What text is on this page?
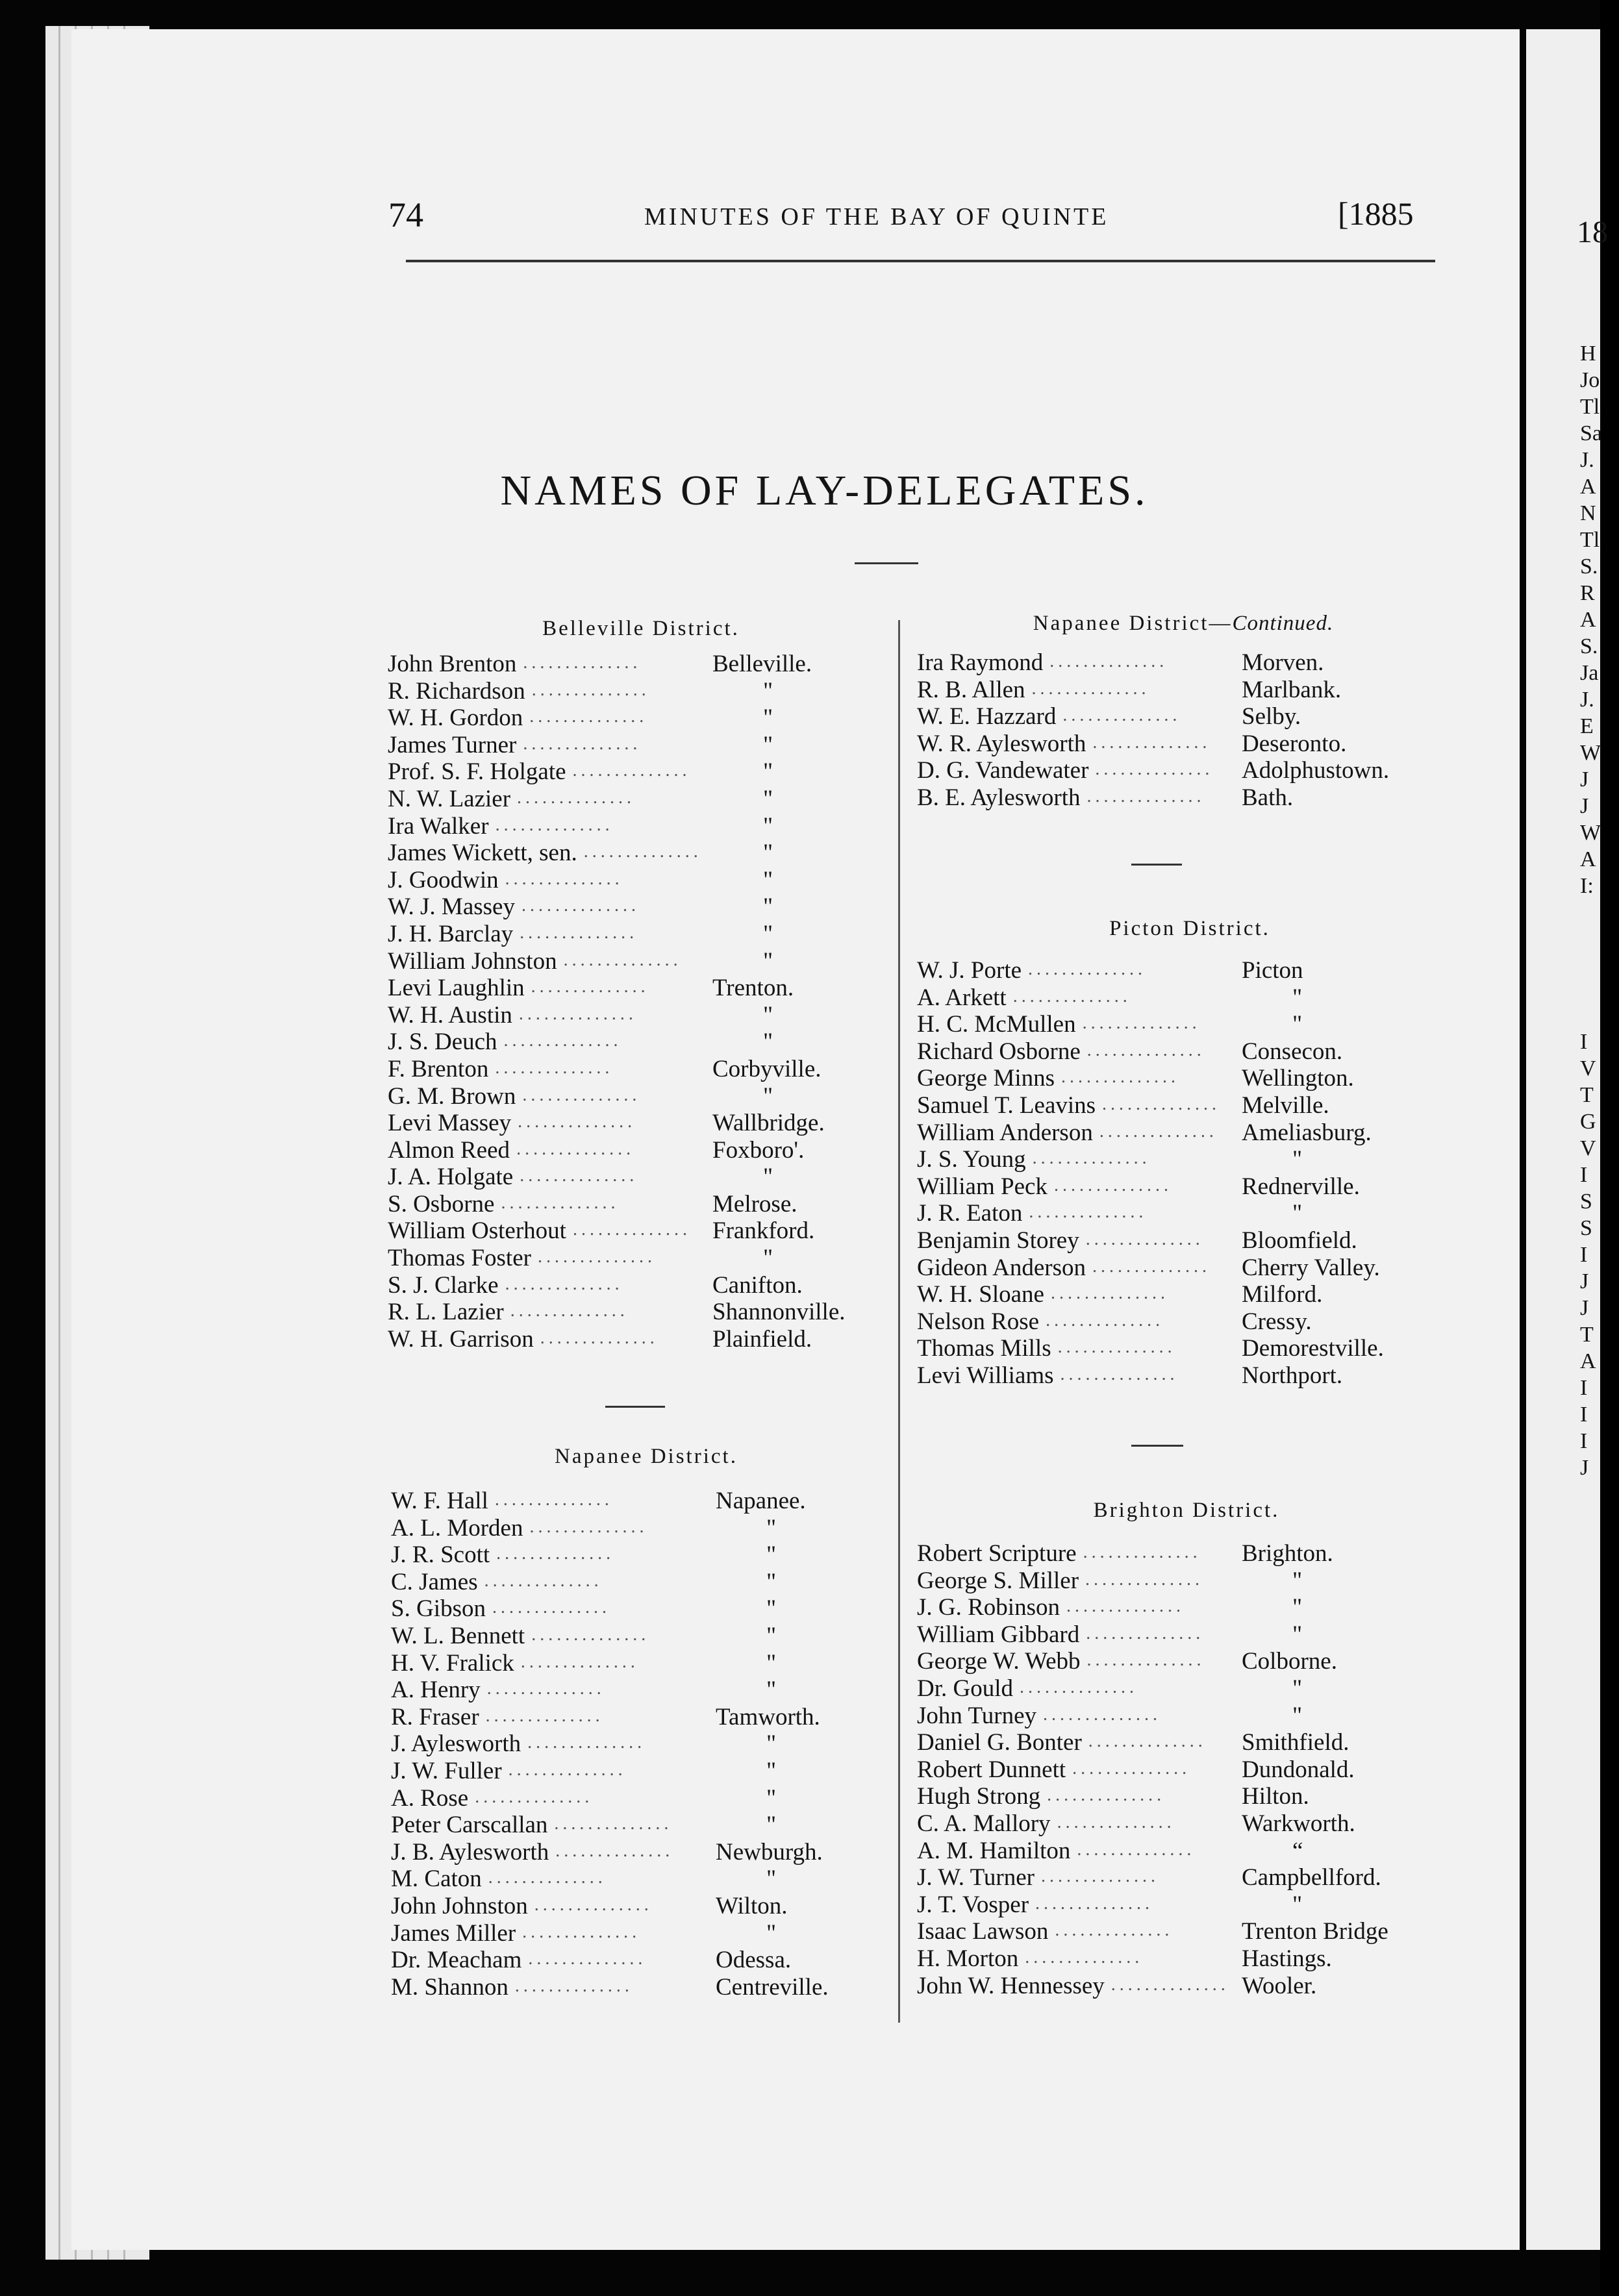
18
H
Jo
Tl
Sa
J.
A
N
Tl
S.
R
A
S.
Ja
J.
E
W
J
J
W
A
I:
I
V
T
G
V
I
S
S
I
J
J
T
A
I
I
I
J
74	MINUTES OF THE BAY OF QUINTE	[1885
NAMES OF LAY-DELEGATES.
Belleville District.
John Brenton ..............	Belleville.
R. Richardson ..............	"
W. H. Gordon ..............	"
James Turner ..............	"
Prof. S. F. Holgate ..............	"
N. W. Lazier ..............	"
Ira Walker ..............	"
James Wickett, sen. ..............	"
J. Goodwin ..............	"
W. J. Massey ..............	"
J. H. Barclay ..............	"
William Johnston ..............	"
Levi Laughlin ..............	Trenton.
W. H. Austin ..............	"
J. S. Deuch ..............	"
F. Brenton ..............	Corbyville.
G. M. Brown ..............	"
Levi Massey ..............	Wallbridge.
Almon Reed ..............	Foxboro'.
J. A. Holgate ..............	"
S. Osborne ..............	Melrose.
William Osterhout .............. Frankford.
Thomas Foster ..............	"
S. J. Clarke ..............	Canifton.
R. L. Lazier ..............	Shannonville.
W. H. Garrison ..............	Plainfield.
Napanee District.
W. F. Hall ..............	Napanee.
A. L. Morden ..............	"
J. R. Scott ..............	"
C. James ..............	"
S. Gibson ..............	"
W. L. Bennett ..............	"
H. V. Fralick ..............	"
A. Henry ..............	"
R. Fraser ..............	Tamworth.
J. Aylesworth ..............	"
J. W. Fuller ..............	"
A. Rose ..............	"
Peter Carscallan ..............	"
J. B. Aylesworth ..............	Newburgh.
M. Caton ..............	"
John Johnston ..............	Wilton.
James Miller ..............	"
Dr. Meacham ..............	Odessa.
M. Shannon ..............	Centreville.
Napanee District—Continued.
Ira Raymond ..............	Morven.
R. B. Allen ..............	Marlbank.
W. E. Hazzard ..............	Selby.
W. R. Aylesworth ..............	Deseronto.
D. G. Vandewater ..............	Adolphustown.
B. E. Aylesworth ..............	Bath.
Picton District.
W. J. Porte ..............	Picton
A. Arkett ..............	"
H. C. McMullen ..............	"
Richard Osborne ..............	Consecon.
George Minns ..............	Wellington.
Samuel T. Leavins .............. Melville.
William Anderson ..............	Ameliasburg.
J. S. Young ..............	"
William Peck ..............	Rednerville.
J. R. Eaton ..............	"
Benjamin Storey ..............	Bloomfield.
Gideon Anderson ..............	Cherry Valley.
W. H. Sloane ..............	Milford.
Nelson Rose ..............	Cressy.
Thomas Mills ..............	Demorestville.
Levi Williams ..............	Northport.
Brighton District.
Robert Scripture ..............	Brighton.
George S. Miller ..............	"
J. G. Robinson ..............	"
William Gibbard ..............	"
George W. Webb ..............	Colborne.
Dr. Gould ..............	"
John Turney ..............	"
Daniel G. Bonter ..............	Smithfield.
Robert Dunnett ..............	Dundonald.
Hugh Strong ..............	Hilton.
C. A. Mallory ..............	Warkworth.
A. M. Hamilton ..............	“
J. W. Turner ..............	Campbellford.
J. T. Vosper ..............	"
Isaac Lawson ..............	Trenton Bridge
H. Morton ..............	Hastings.
John W. Hennessey .............. Wooler.
